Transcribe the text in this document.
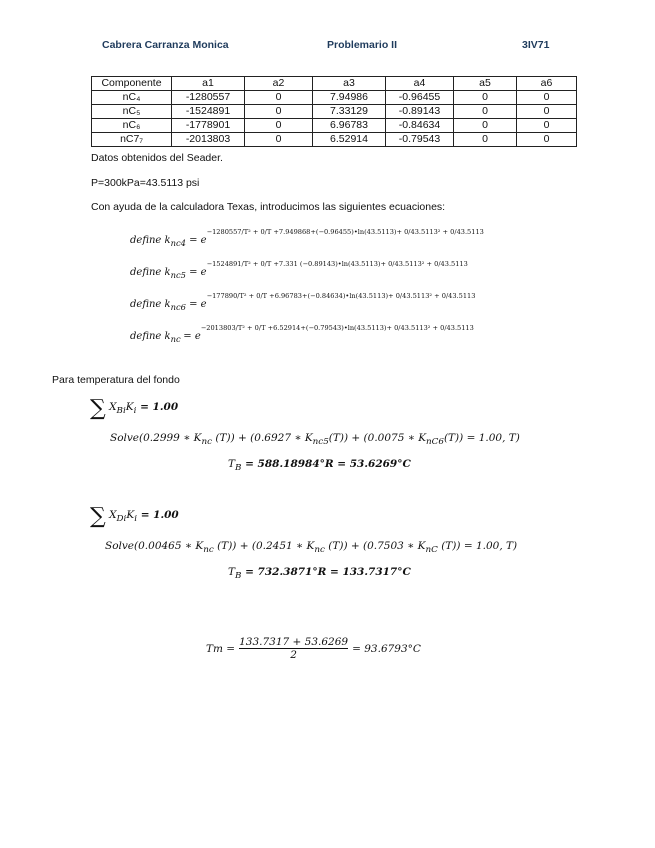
Cabrera Carranza Monica	Problemario II	3IV71
Componente	a1	a2	a3	a4	a5	a6
nC₄	-1280557	0	7.94986	-0.96455	0	0
nC₅	-1524891	0	7.33129	-0.89143	0	0
nC₆	-1778901	0	6.96783	-0.84634	0	0
nC7₇	-2013803	0	6.52914	-0.79543	0	0
Datos obtenidos del Seader.
P=300kPa=43.5113 psi
Con ayuda de la calculadora Texas, introducimos las siguientes ecuaciones:
define $k_{nc4} = e^{-1280557/T^2 + 0/T +7.949868+(-0.96455)•ln(43.5113)+ 0/43.5113^2 + 0/43.5113}$
define $k_{nc5} = e^{-1524891/T^2 + 0/T +7.331 (-0.89143)•ln(43.5113)+ 0/43.5113^2 + 0/43.5113}$
define $k_{nc6} = e^{-177890/T^2 + 0/T +6.96783+(-0.84634)•ln(43.5113)+ 0/43.5113^2 + 0/43.5113}$
define $k_{nc} = e^{-2013803/T^2 + 0/T +6.52914+(-0.79543)•ln(43.5113)+ 0/43.5113^2 + 0/43.5113}$
Para temperatura del fondo
∑ $X_{Bi}K_i = 1.00$
Solve(0.2999 ∗ $K_{nc}$ (T)) + (0.6927 ∗ $K_{nc5}(T)) + (0.0075$ ∗ $K_{nC6}(T)) = 1.00$, T)
$T_B = 588.18984^\circ R = 53.6269^\circ C$
∑ $X_{Di}K_i = 1.00$
Solve(0.00465 ∗ $K_{nc}$ (T)) + (0.2451 ∗ $K_{nc}$ (T)) + (0.7503 ∗ $K_{nC}$ (T)) = 1.00, T)
$T_B = 732.3871^\circ R = 133.7317^\circ C$
$Tm = \frac{133.7317 + 53.6269}{2} = 93.6793^\circ C$
